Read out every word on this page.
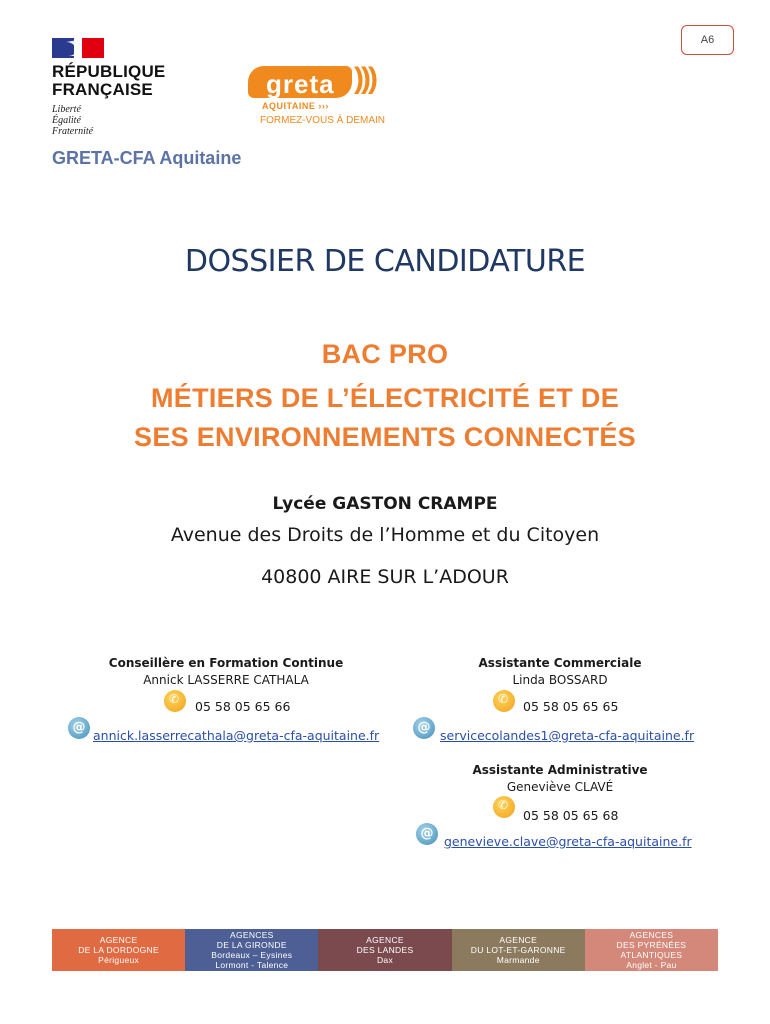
A6
RÉPUBLIQUE
FRANÇAISE
Liberté
Égalité
Fraternité
GRETA-CFA Aquitaine
greta )))
AQUITAINE ›››
FORMEZ-VOUS À DEMAIN
DOSSIER DE CANDIDATURE
BAC PRO
MÉTIERS DE L’ÉLECTRICITÉ ET DE
SES ENVIRONNEMENTS CONNECTÉS
Lycée GASTON CRAMPE
Avenue des Droits de l’Homme et du Citoyen
40800 AIRE SUR L’ADOUR
Conseillère en Formation Continue
Annick LASSERRE CATHALA
✆
05 58 05 65 66
@
annick.lasserrecathala@greta-cfa-aquitaine.fr
Assistante Commerciale
Linda BOSSARD
✆
05 58 05 65 65
@
servicecolandes1@greta-cfa-aquitaine.fr
Assistante Administrative
Geneviève CLAVÉ
✆
05 58 05 65 68
@
genevieve.clave@greta-cfa-aquitaine.fr
AGENCE
DE LA DORDOGNE
Périgueux
AGENCES
DE LA GIRONDE
Bordeaux – Eysines
Lormont - Talence
AGENCE
DES LANDES
Dax
AGENCE
DU LOT-ET-GARONNE
Marmande
AGENCES
DES PYRÉNÉES
ATLANTIQUES
Anglet - Pau
